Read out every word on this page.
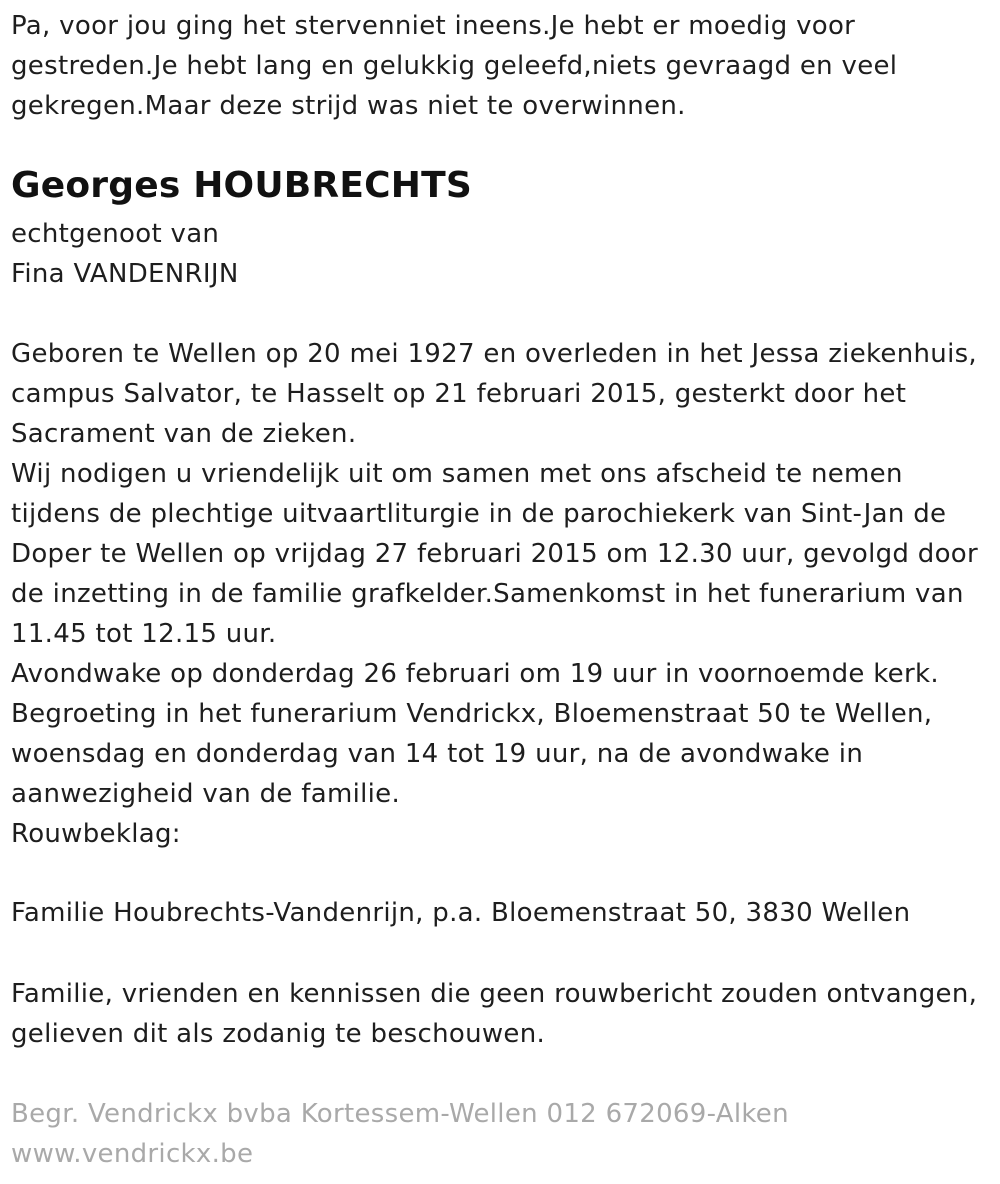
Pa, voor jou ging het stervenniet ineens.Je hebt er moedig voor
gestreden.Je hebt lang en gelukkig geleefd,niets gevraagd en veel
gekregen.Maar deze strijd was niet te overwinnen.
Georges HOUBRECHTS
echtgenoot van
Fina VANDENRIJN
Geboren te Wellen op 20 mei 1927 en overleden in het Jessa ziekenhuis,
campus Salvator, te Hasselt op 21 februari 2015, gesterkt door het
Sacrament van de zieken.
Wij nodigen u vriendelijk uit om samen met ons afscheid te nemen
tijdens de plechtige uitvaartliturgie in de parochiekerk van Sint-Jan de
Doper te Wellen op vrijdag 27 februari 2015 om 12.30 uur, gevolgd door
de inzetting in de familie grafkelder.Samenkomst in het funerarium van
11.45 tot 12.15 uur.
Avondwake op donderdag 26 februari om 19 uur in voornoemde kerk.
Begroeting in het funerarium Vendrickx, Bloemenstraat 50 te Wellen,
woensdag en donderdag van 14 tot 19 uur, na de avondwake in
aanwezigheid van de familie.
Rouwbeklag:
Familie Houbrechts-Vandenrijn, p.a. Bloemenstraat 50, 3830 Wellen
Familie, vrienden en kennissen die geen rouwbericht zouden ontvangen,
gelieven dit als zodanig te beschouwen.
Begr. Vendrickx bvba Kortessem-Wellen 012 672069-Alken
www.vendrickx.be
